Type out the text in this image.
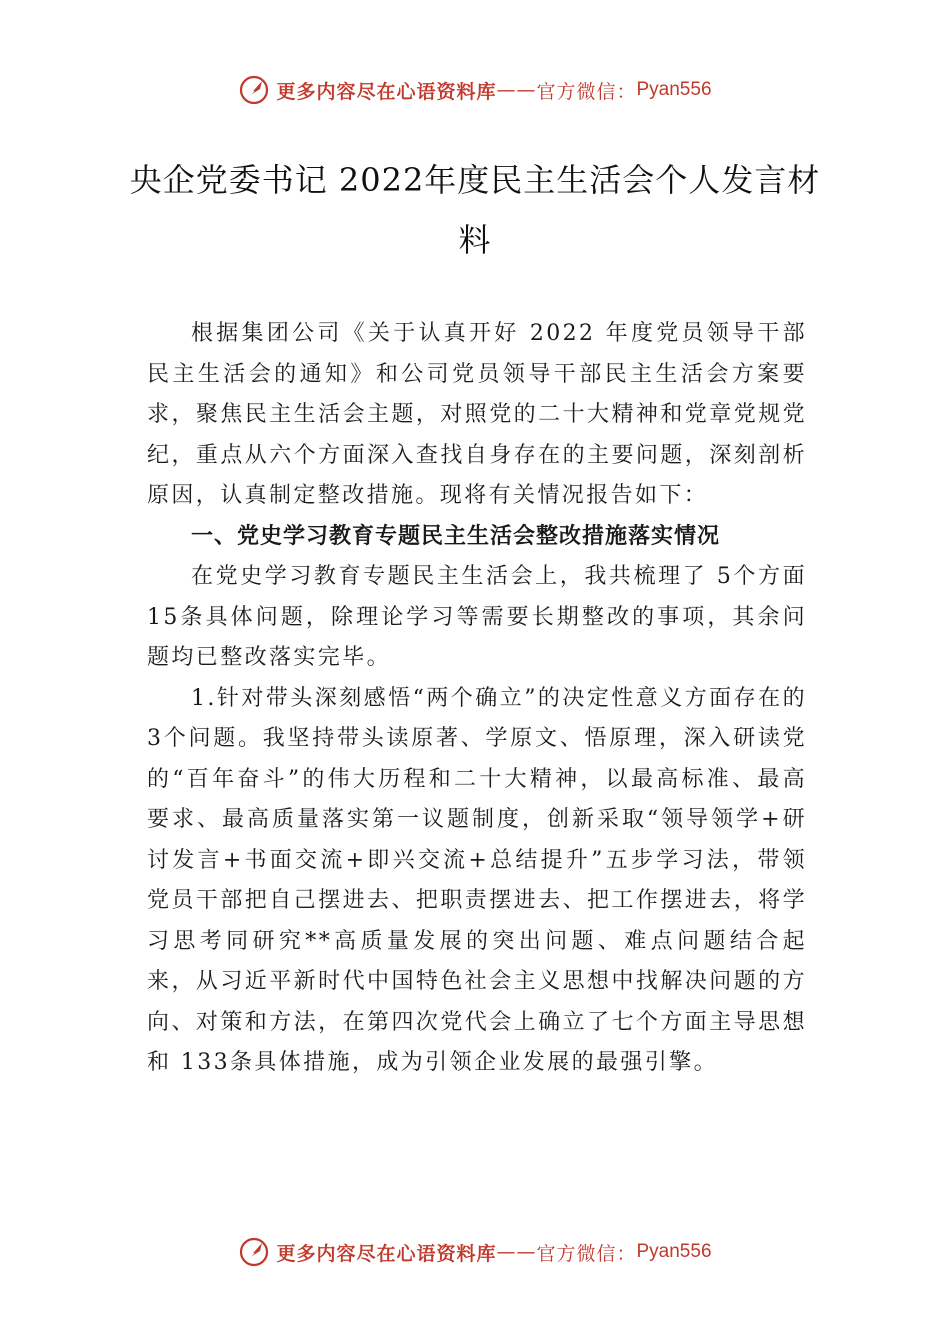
更多内容尽在心语资料库 —— 官方微信： Pyan556
央企党委书记 2022年度民主生活会个人发言材料

根据集团公司《关于认真开好 2022 年度党员领导干部民主生活会的通知》和公司党员领导干部民主生活会方案要求，聚焦民主生活会主题，对照党的二十大精神和党章党规党纪，重点从六个方面深入查找自身存在的主要问题，深刻剖析原因，认真制定整改措施。现将有关情况报告如下：

一、党史学习教育专题民主生活会整改措施落实情况

在党史学习教育专题民主生活会上，我共梳理了 5个方面 15条具体问题，除理论学习等需要长期整改的事项，其余问题均已整改落实完毕。

1.针对带头深刻感悟“两个确立”的决定性意义方面存在的 3个问题。我坚持带头读原著、学原文、悟原理，深入研读党的“百年奋斗”的伟大历程和二十大精神，以最高标准、最高要求、最高质量落实第一议题制度，创新采取“领导领学+研讨发言+书面交流+即兴交流+总结提升”五步学习法，带领党员干部把自己摆进去、把职责摆进去、把工作摆进去，将学习思考同研究**高质量发展的突出问题、难点问题结合起来，从习近平新时代中国特色社会主义思想中找解决问题的方向、对策和方法，在第四次党代会上确立了七个方面主导思想和 133条具体措施，成为引领企业发展的最强引擎。

更多内容尽在心语资料库 —— 官方微信： Pyan556
